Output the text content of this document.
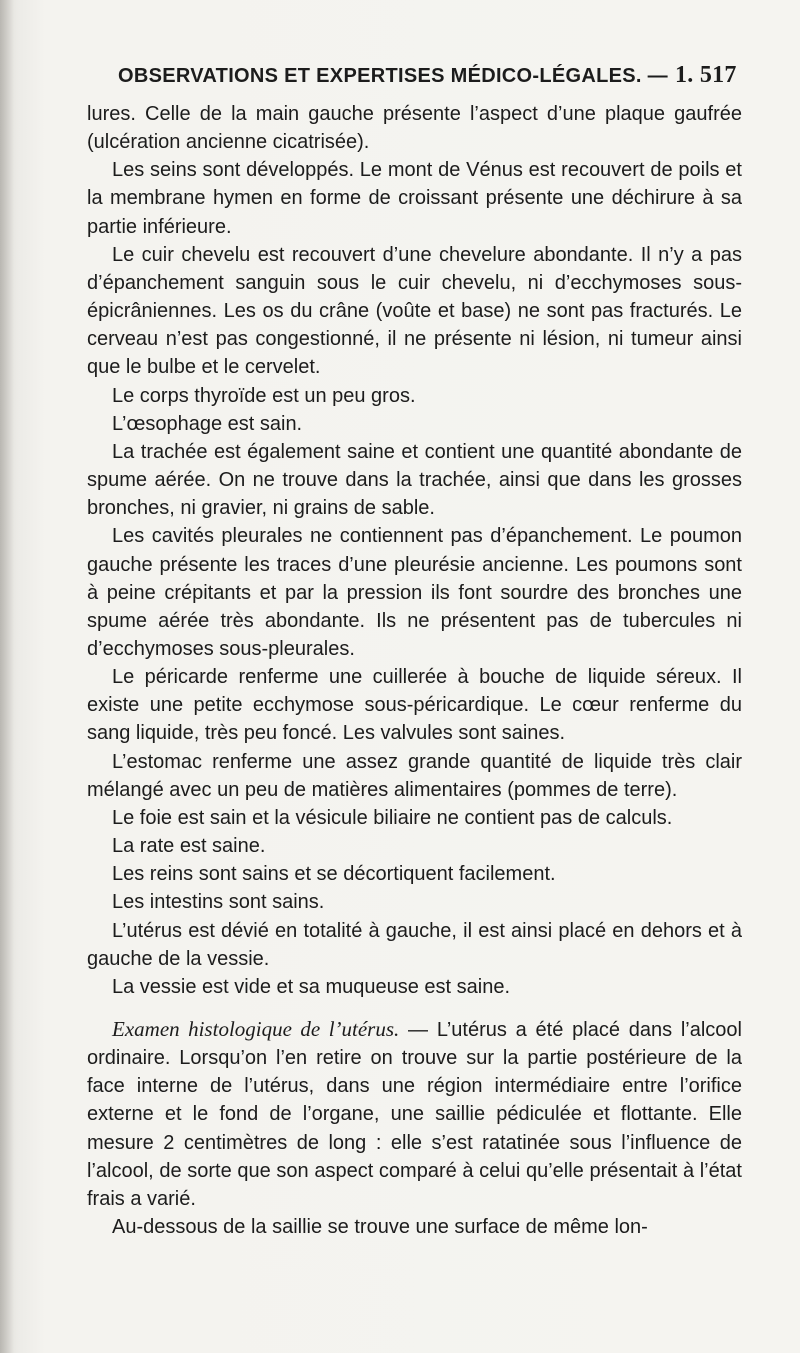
OBSERVATIONS ET EXPERTISES MÉDICO-LÉGALES. — 1. 517

lures. Celle de la main gauche présente l’aspect d’une plaque gaufrée (ulcération ancienne cicatrisée).

Les seins sont développés. Le mont de Vénus est recouvert de poils et la membrane hymen en forme de croissant présente une déchirure à sa partie inférieure.

Le cuir chevelu est recouvert d’une chevelure abondante. Il n’y a pas d’épanchement sanguin sous le cuir chevelu, ni d’ecchymoses sous-épicrâniennes. Les os du crâne (voûte et base) ne sont pas fracturés. Le cerveau n’est pas congestionné, il ne présente ni lésion, ni tumeur ainsi que le bulbe et le cervelet.

Le corps thyroïde est un peu gros.

L’œsophage est sain.

La trachée est également saine et contient une quantité abondante de spume aérée. On ne trouve dans la trachée, ainsi que dans les grosses bronches, ni gravier, ni grains de sable.

Les cavités pleurales ne contiennent pas d’épanchement. Le poumon gauche présente les traces d’une pleurésie ancienne. Les poumons sont à peine crépitants et par la pression ils font sourdre des bronches une spume aérée très abondante. Ils ne présentent pas de tubercules ni d’ecchymoses sous-pleurales.

Le péricarde renferme une cuillerée à bouche de liquide séreux. Il existe une petite ecchymose sous-péricardique. Le cœur renferme du sang liquide, très peu foncé. Les valvules sont saines.

L’estomac renferme une assez grande quantité de liquide très clair mélangé avec un peu de matières alimentaires (pommes de terre).

Le foie est sain et la vésicule biliaire ne contient pas de calculs.

La rate est saine.

Les reins sont sains et se décortiquent facilement.

Les intestins sont sains.

L’utérus est dévié en totalité à gauche, il est ainsi placé en dehors et à gauche de la vessie.

La vessie est vide et sa muqueuse est saine.

Examen histologique de l’utérus. — L’utérus a été placé dans l’alcool ordinaire. Lorsqu’on l’en retire on trouve sur la partie postérieure de la face interne de l’utérus, dans une région intermédiaire entre l’orifice externe et le fond de l’organe, une saillie pédiculée et flottante. Elle mesure 2 centimètres de long : elle s’est ratatinée sous l’influence de l’alcool, de sorte que son aspect comparé à celui qu’elle présentait à l’état frais a varié.

Au-dessous de la saillie se trouve une surface de même lon-
